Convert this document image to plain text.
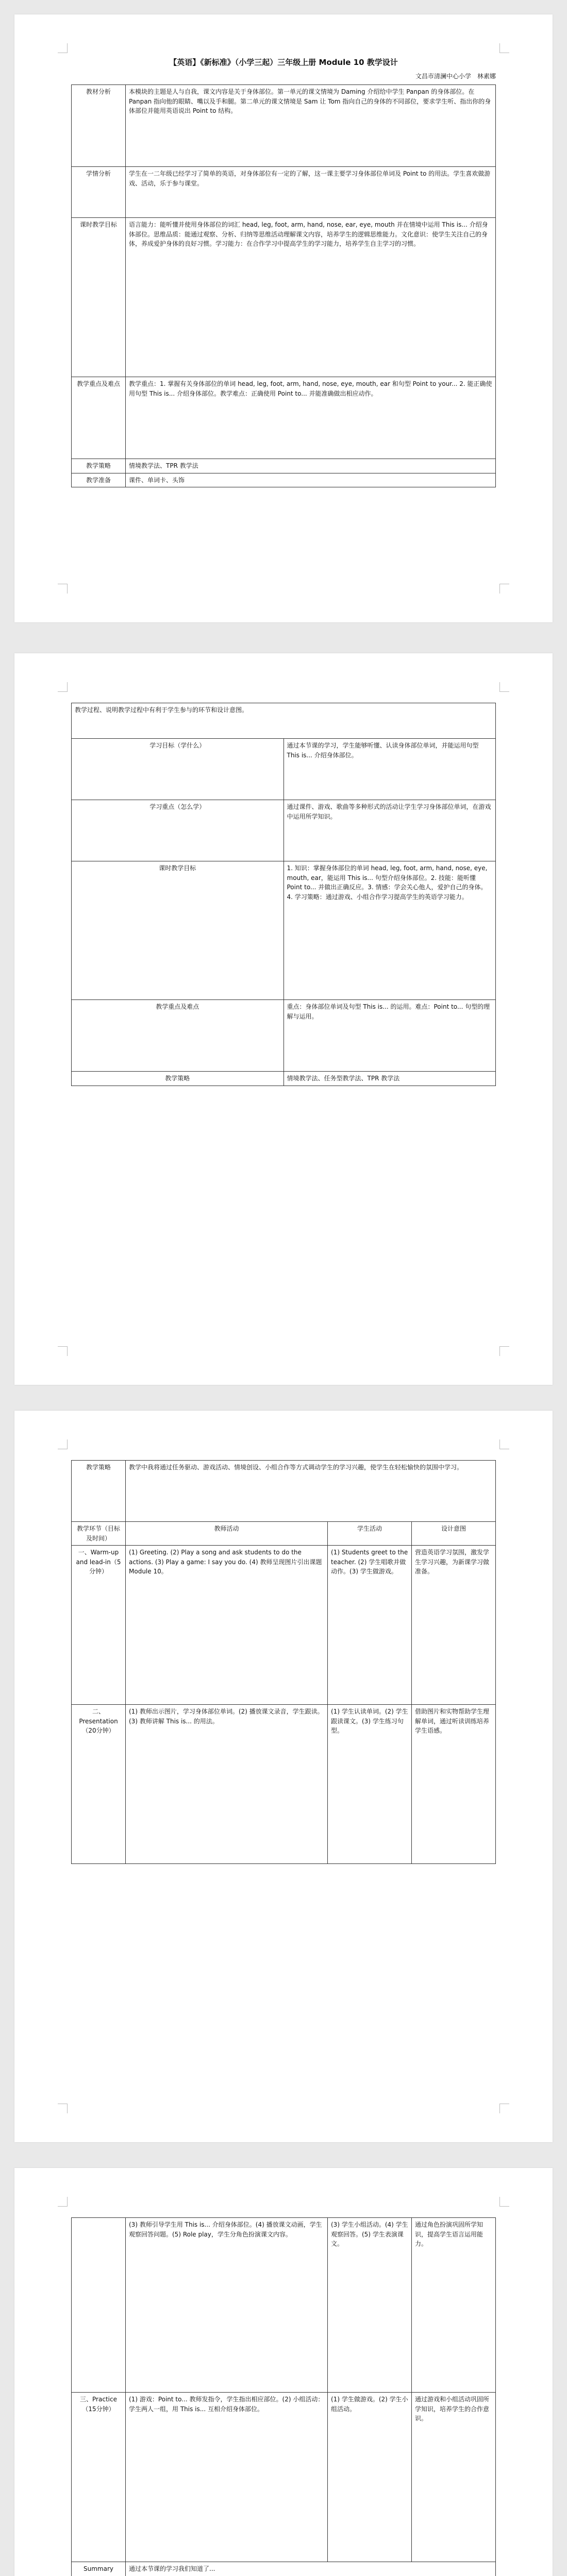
【英语】《新标准》（小学三起）三年级上册 Module 10 教学设计
文昌市清澜中心小学　林素娜
教材分析	本模块的主题是人与自我，课文内容是关于身体部位。第一单元的课文情境为 Daming 介绍给中学生 Panpan 的身体部位。在 Panpan 指向他的眼睛、嘴以及手和腿。第二单元的课文情境是 Sam 让 Tom 指向自己的身体的不同部位，要求学生听、指出你的身体部位并能用英语说出 Point to 结构。
学情分析	学生在一二年级已经学习了简单的英语，对身体部位有一定的了解，这一课主要学习身体部位单词及 Point to 的用法。学生喜欢做游戏、活动，乐于参与课堂。
课时教学目标	语言能力：能听懂并使用身体部位的词汇 head, leg, foot, arm, hand, nose, ear, eye, mouth 并在情境中运用 This is... 介绍身体部位。思维品质：能通过观察、分析、归纳等思维活动理解课文内容，培养学生的逻辑思维能力。文化意识：使学生关注自己的身体，养成爱护身体的良好习惯。学习能力：在合作学习中提高学生的学习能力，培养学生自主学习的习惯。
教学重点及难点	教学重点：1. 掌握有关身体部位的单词 head, leg, foot, arm, hand, nose, eye, mouth, ear 和句型 Point to your... 2. 能正确使用句型 This is... 介绍身体部位。教学难点：正确使用 Point to... 并能准确做出相应动作。
教学策略	情境教学法、TPR 教学法
教学准备	课件、单词卡、头饰
教学过程、说明教学过程中有利于学生参与的环节和设计意图。	
学习目标（学什么）	通过本节课的学习，学生能够听懂、认读身体部位单词，并能运用句型 This is... 介绍身体部位。
学习重点（怎么学）	通过课件、游戏、歌曲等多种形式的活动让学生学习身体部位单词，在游戏中运用所学知识。
课时教学目标	1. 知识：掌握身体部位的单词 head, leg, foot, arm, hand, nose, eye, mouth, ear，能运用 This is... 句型介绍身体部位。2. 技能：能听懂 Point to... 并做出正确反应。3. 情感：学会关心他人，爱护自己的身体。4. 学习策略：通过游戏、小组合作学习提高学生的英语学习能力。
教学重点及难点	重点：身体部位单词及句型 This is... 的运用。难点：Point to... 句型的理解与运用。
教学策略	情境教学法、任务型教学法、TPR 教学法
教学策略	教学中我将通过任务驱动、游戏活动、情境创设、小组合作等方式调动学生的学习兴趣，使学生在轻松愉快的氛围中学习。
教学环节（目标及时间）	教师活动	学生活动	设计意图
一、Warm-up and lead-in（5分钟）	(1) Greeting. (2) Play a song and ask students to do the actions. (3) Play a game: I say you do. (4) 教师呈现图片引出课题 Module 10。	(1) Students greet to the teacher. (2) 学生唱歌并做动作。(3) 学生做游戏。	营造英语学习氛围，激发学生学习兴趣，为新课学习做准备。
二、Presentation（20分钟）	(1) 教师出示图片，学习身体部位单词。(2) 播放课文录音，学生跟读。(3) 教师讲解 This is... 的用法。	(1) 学生认读单词。(2) 学生跟读课文。(3) 学生练习句型。	借助图片和实物帮助学生理解单词，通过听读训练培养学生语感。
	(3) 教师引导学生用 This is... 介绍身体部位。(4) 播放课文动画，学生观察回答问题。(5) Role play，学生分角色扮演课文内容。	(3) 学生小组活动。(4) 学生观察回答。(5) 学生表演课文。	通过角色扮演巩固所学知识，提高学生语言运用能力。
三、Practice（15分钟）	(1) 游戏：Point to... 教师发指令，学生指出相应部位。(2) 小组活动：学生两人一组，用 This is... 互相介绍身体部位。	(1) 学生做游戏。(2) 学生小组活动。	通过游戏和小组活动巩固所学知识，培养学生的合作意识。
Summary	通过本节课的学习我们知道了...		
